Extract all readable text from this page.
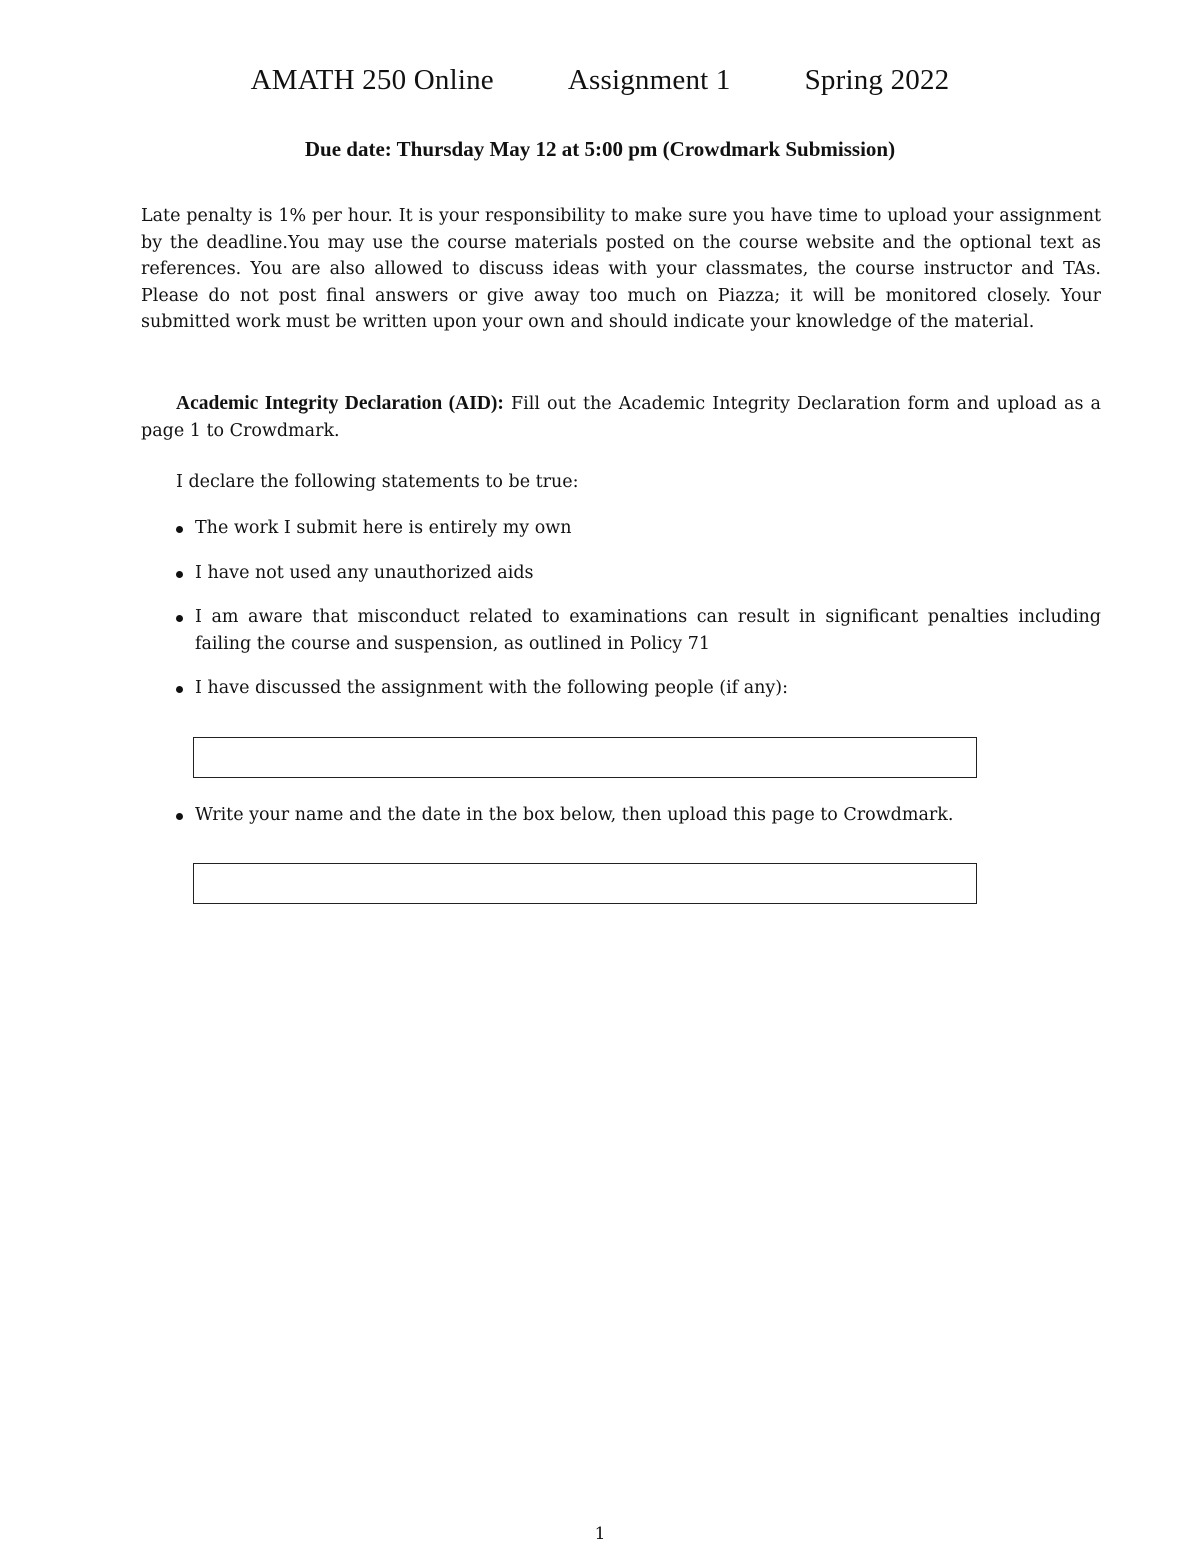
AMATH 250 Online	Assignment 1	Spring 2022
Due date: Thursday May 12 at 5:00 pm (Crowdmark Submission)

Late penalty is 1% per hour. It is your responsibility to make sure you have time to upload your assignment by the deadline.You may use the course materials posted on the course website and the optional text as references. You are also allowed to discuss ideas with your classmates, the course instructor and TAs. Please do not post final answers or give away too much on Piazza; it will be monitored closely. Your submitted work must be written upon your own and should indicate your knowledge of the material.

Academic Integrity Declaration (AID): Fill out the Academic Integrity Declaration form and upload as a page 1 to Crowdmark.

I declare the following statements to be true:

The work I submit here is entirely my own
I have not used any unauthorized aids
I am aware that misconduct related to examinations can result in significant penalties including failing the course and suspension, as outlined in Policy 71
I have discussed the assignment with the following people (if any):
Write your name and the date in the box below, then upload this page to Crowdmark.
1
